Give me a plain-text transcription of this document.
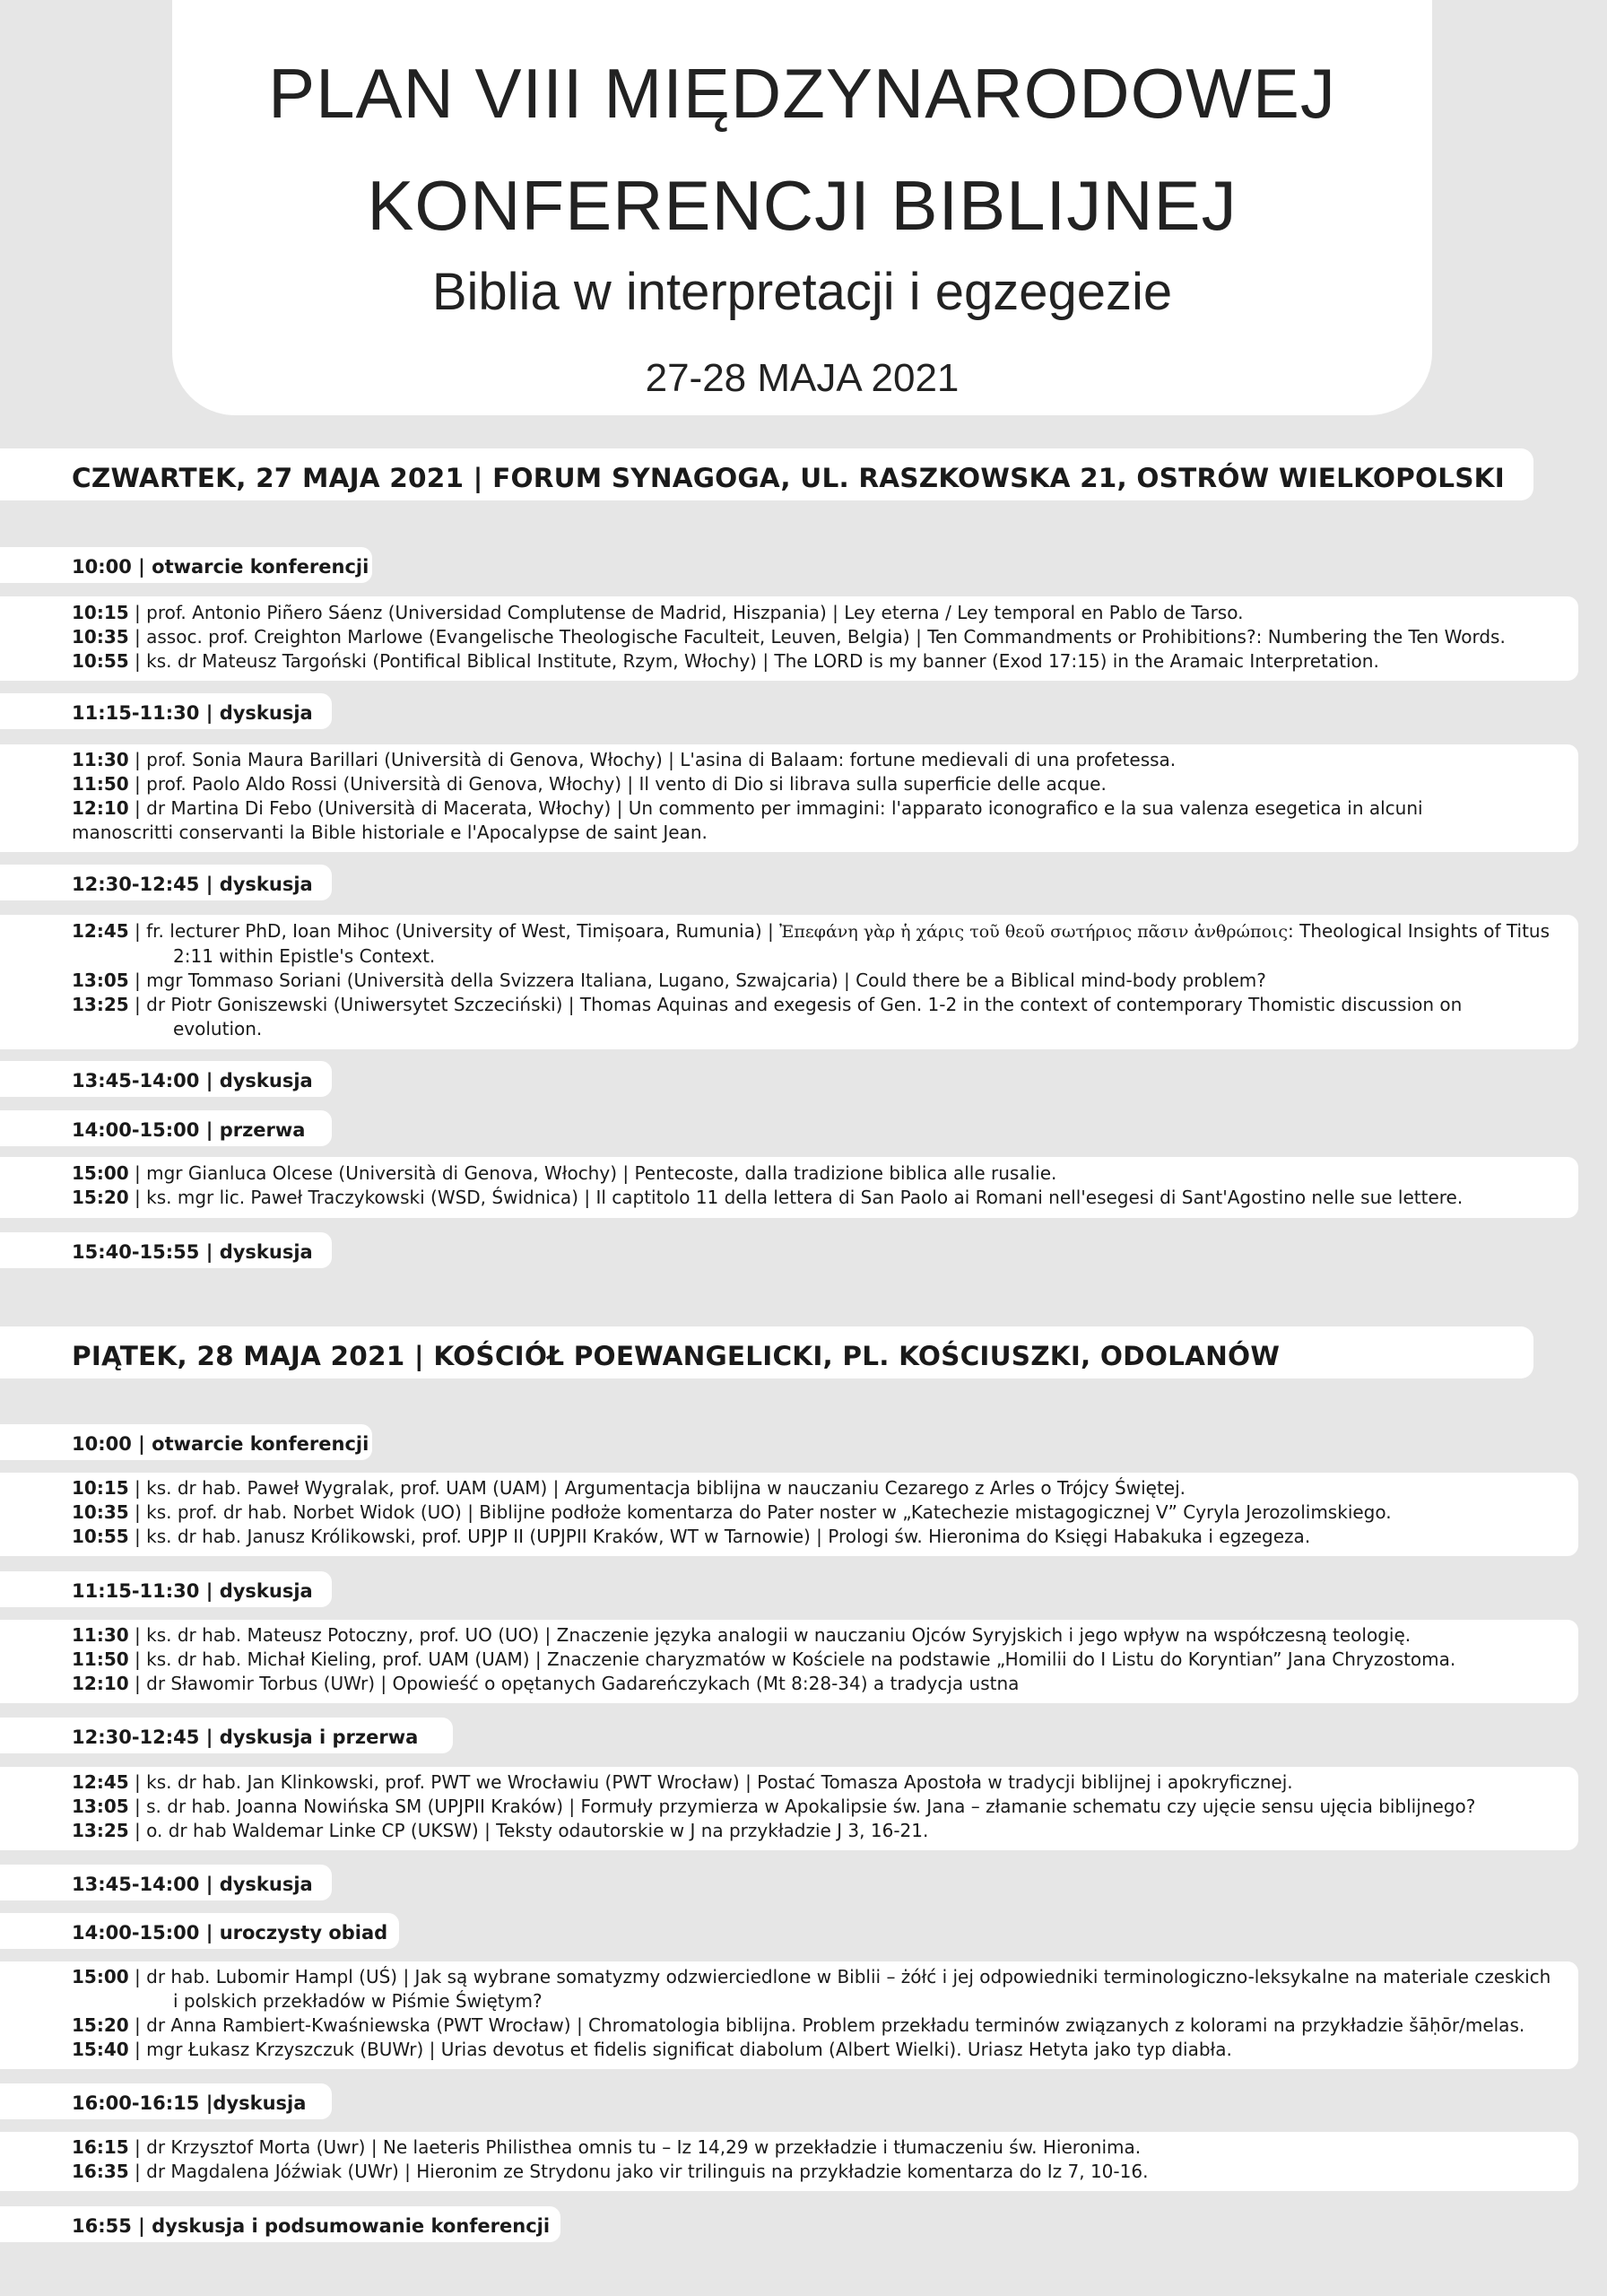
PLAN VIII MIĘDZYNARODOWEJ
KONFERENCJI BIBLIJNEJ
Biblia w interpretacji i egzegezie
27-28 MAJA 2021
CZWARTEK, 27 MAJA 2021 | FORUM SYNAGOGA, UL. RASZKOWSKA 21, OSTRÓW WIELKOPOLSKI
10:00 | otwarcie konferencji
10:15 | prof. Antonio Piñero Sáenz (Universidad Complutense de Madrid, Hiszpania) | Ley eterna / Ley temporal en Pablo de Tarso.
10:35 | assoc. prof. Creighton Marlowe (Evangelische Theologische Faculteit, Leuven, Belgia) | Ten Commandments or Prohibitions?: Numbering the Ten Words.
10:55 | ks. dr Mateusz Targoński (Pontifical Biblical Institute, Rzym, Włochy) | The LORD is my banner (Exod 17:15) in the Aramaic Interpretation.
11:15-11:30 | dyskusja
11:30 | prof. Sonia Maura Barillari (Università di Genova, Włochy) | L'asina di Balaam: fortune medievali di una profetessa.
11:50 | prof. Paolo Aldo Rossi (Università di Genova, Włochy) | Il vento di Dio si librava sulla superficie delle acque.
12:10 | dr Martina Di Febo (Università di Macerata, Włochy) | Un commento per immagini: l'apparato iconografico e la sua valenza esegetica in alcuni manoscritti conservanti la Bible historiale e l'Apocalypse de saint Jean.
12:30-12:45 | dyskusja
12:45 | fr. lecturer PhD, Ioan Mihoc (University of West, Timișoara, Rumunia) | Ἐπεφάνη γὰρ ἡ χάρις τοῦ θεοῦ σωτήριος πᾶσιν ἀνθρώποις: Theological Insights of Titus 2:11 within Epistle's Context.
13:05 | mgr Tommaso Soriani (Università della Svizzera Italiana, Lugano, Szwajcaria) | Could there be a Biblical mind-body problem?
13:25 | dr Piotr Goniszewski (Uniwersytet Szczeciński) | Thomas Aquinas and exegesis of Gen. 1-2 in the context of contemporary Thomistic discussion on evolution.
13:45-14:00 | dyskusja
14:00-15:00 | przerwa
15:00 | mgr Gianluca Olcese (Università di Genova, Włochy) | Pentecoste, dalla tradizione biblica alle rusalie.
15:20 | ks. mgr lic. Paweł Traczykowski (WSD, Świdnica) | Il captitolo 11 della lettera di San Paolo ai Romani nell'esegesi di Sant'Agostino nelle sue lettere.
15:40-15:55 | dyskusja
PIĄTEK, 28 MAJA 2021 | KOŚCIÓŁ POEWANGELICKI, PL. KOŚCIUSZKI, ODOLANÓW
10:00 | otwarcie konferencji
10:15 | ks. dr hab. Paweł Wygralak, prof. UAM (UAM) | Argumentacja biblijna w nauczaniu Cezarego z Arles o Trójcy Świętej.
10:35 | ks. prof. dr hab. Norbet Widok (UO) | Biblijne podłoże komentarza do Pater noster w „Katechezie mistagogicznej V” Cyryla Jerozolimskiego.
10:55 | ks. dr hab. Janusz Królikowski, prof. UPJP II (UPJPII Kraków, WT w Tarnowie) | Prologi św. Hieronima do Księgi Habakuka i egzegeza.
11:15-11:30 | dyskusja
11:30 | ks. dr hab. Mateusz Potoczny, prof. UO (UO) | Znaczenie języka analogii w nauczaniu Ojców Syryjskich i jego wpływ na współczesną teologię.
11:50 | ks. dr hab. Michał Kieling, prof. UAM (UAM) | Znaczenie charyzmatów w Kościele na podstawie „Homilii do I Listu do Koryntian” Jana Chryzostoma.
12:10 | dr Sławomir Torbus (UWr) | Opowieść o opętanych Gadareńczykach (Mt 8:28-34) a tradycja ustna
12:30-12:45 | dyskusja i przerwa
12:45 | ks. dr hab. Jan Klinkowski, prof. PWT we Wrocławiu (PWT Wrocław) | Postać Tomasza Apostoła w tradycji biblijnej i apokryficznej.
13:05 | s. dr hab. Joanna Nowińska SM (UPJPII Kraków) | Formuły przymierza w Apokalipsie św. Jana – złamanie schematu czy ujęcie sensu ujęcia biblijnego?
13:25 | o. dr hab Waldemar Linke CP (UKSW) | Teksty odautorskie w J na przykładzie J 3, 16-21.
13:45-14:00 | dyskusja
14:00-15:00 | uroczysty obiad
15:00 | dr hab. Lubomir Hampl (UŚ) | Jak są wybrane somatyzmy odzwierciedlone w Biblii – żółć i jej odpowiedniki terminologiczno-leksykalne na materiale czeskich i polskich przekładów w Piśmie Świętym?
15:20 | dr Anna Rambiert-Kwaśniewska (PWT Wrocław) | Chromatologia biblijna. Problem przekładu terminów związanych z kolorami na przykładzie šāḥōr/melas.
15:40 | mgr Łukasz Krzyszczuk (BUWr) | Urias devotus et fidelis significat diabolum (Albert Wielki). Uriasz Hetyta jako typ diabła.
16:00-16:15 |dyskusja
16:15 | dr Krzysztof Morta (Uwr) | Ne laeteris Philisthea omnis tu – Iz 14,29 w przekładzie i tłumaczeniu św. Hieronima.
16:35 | dr Magdalena Jóźwiak (UWr) | Hieronim ze Strydonu jako vir trilinguis na przykładzie komentarza do Iz 7, 10-16.
16:55 | dyskusja i podsumowanie konferencji
